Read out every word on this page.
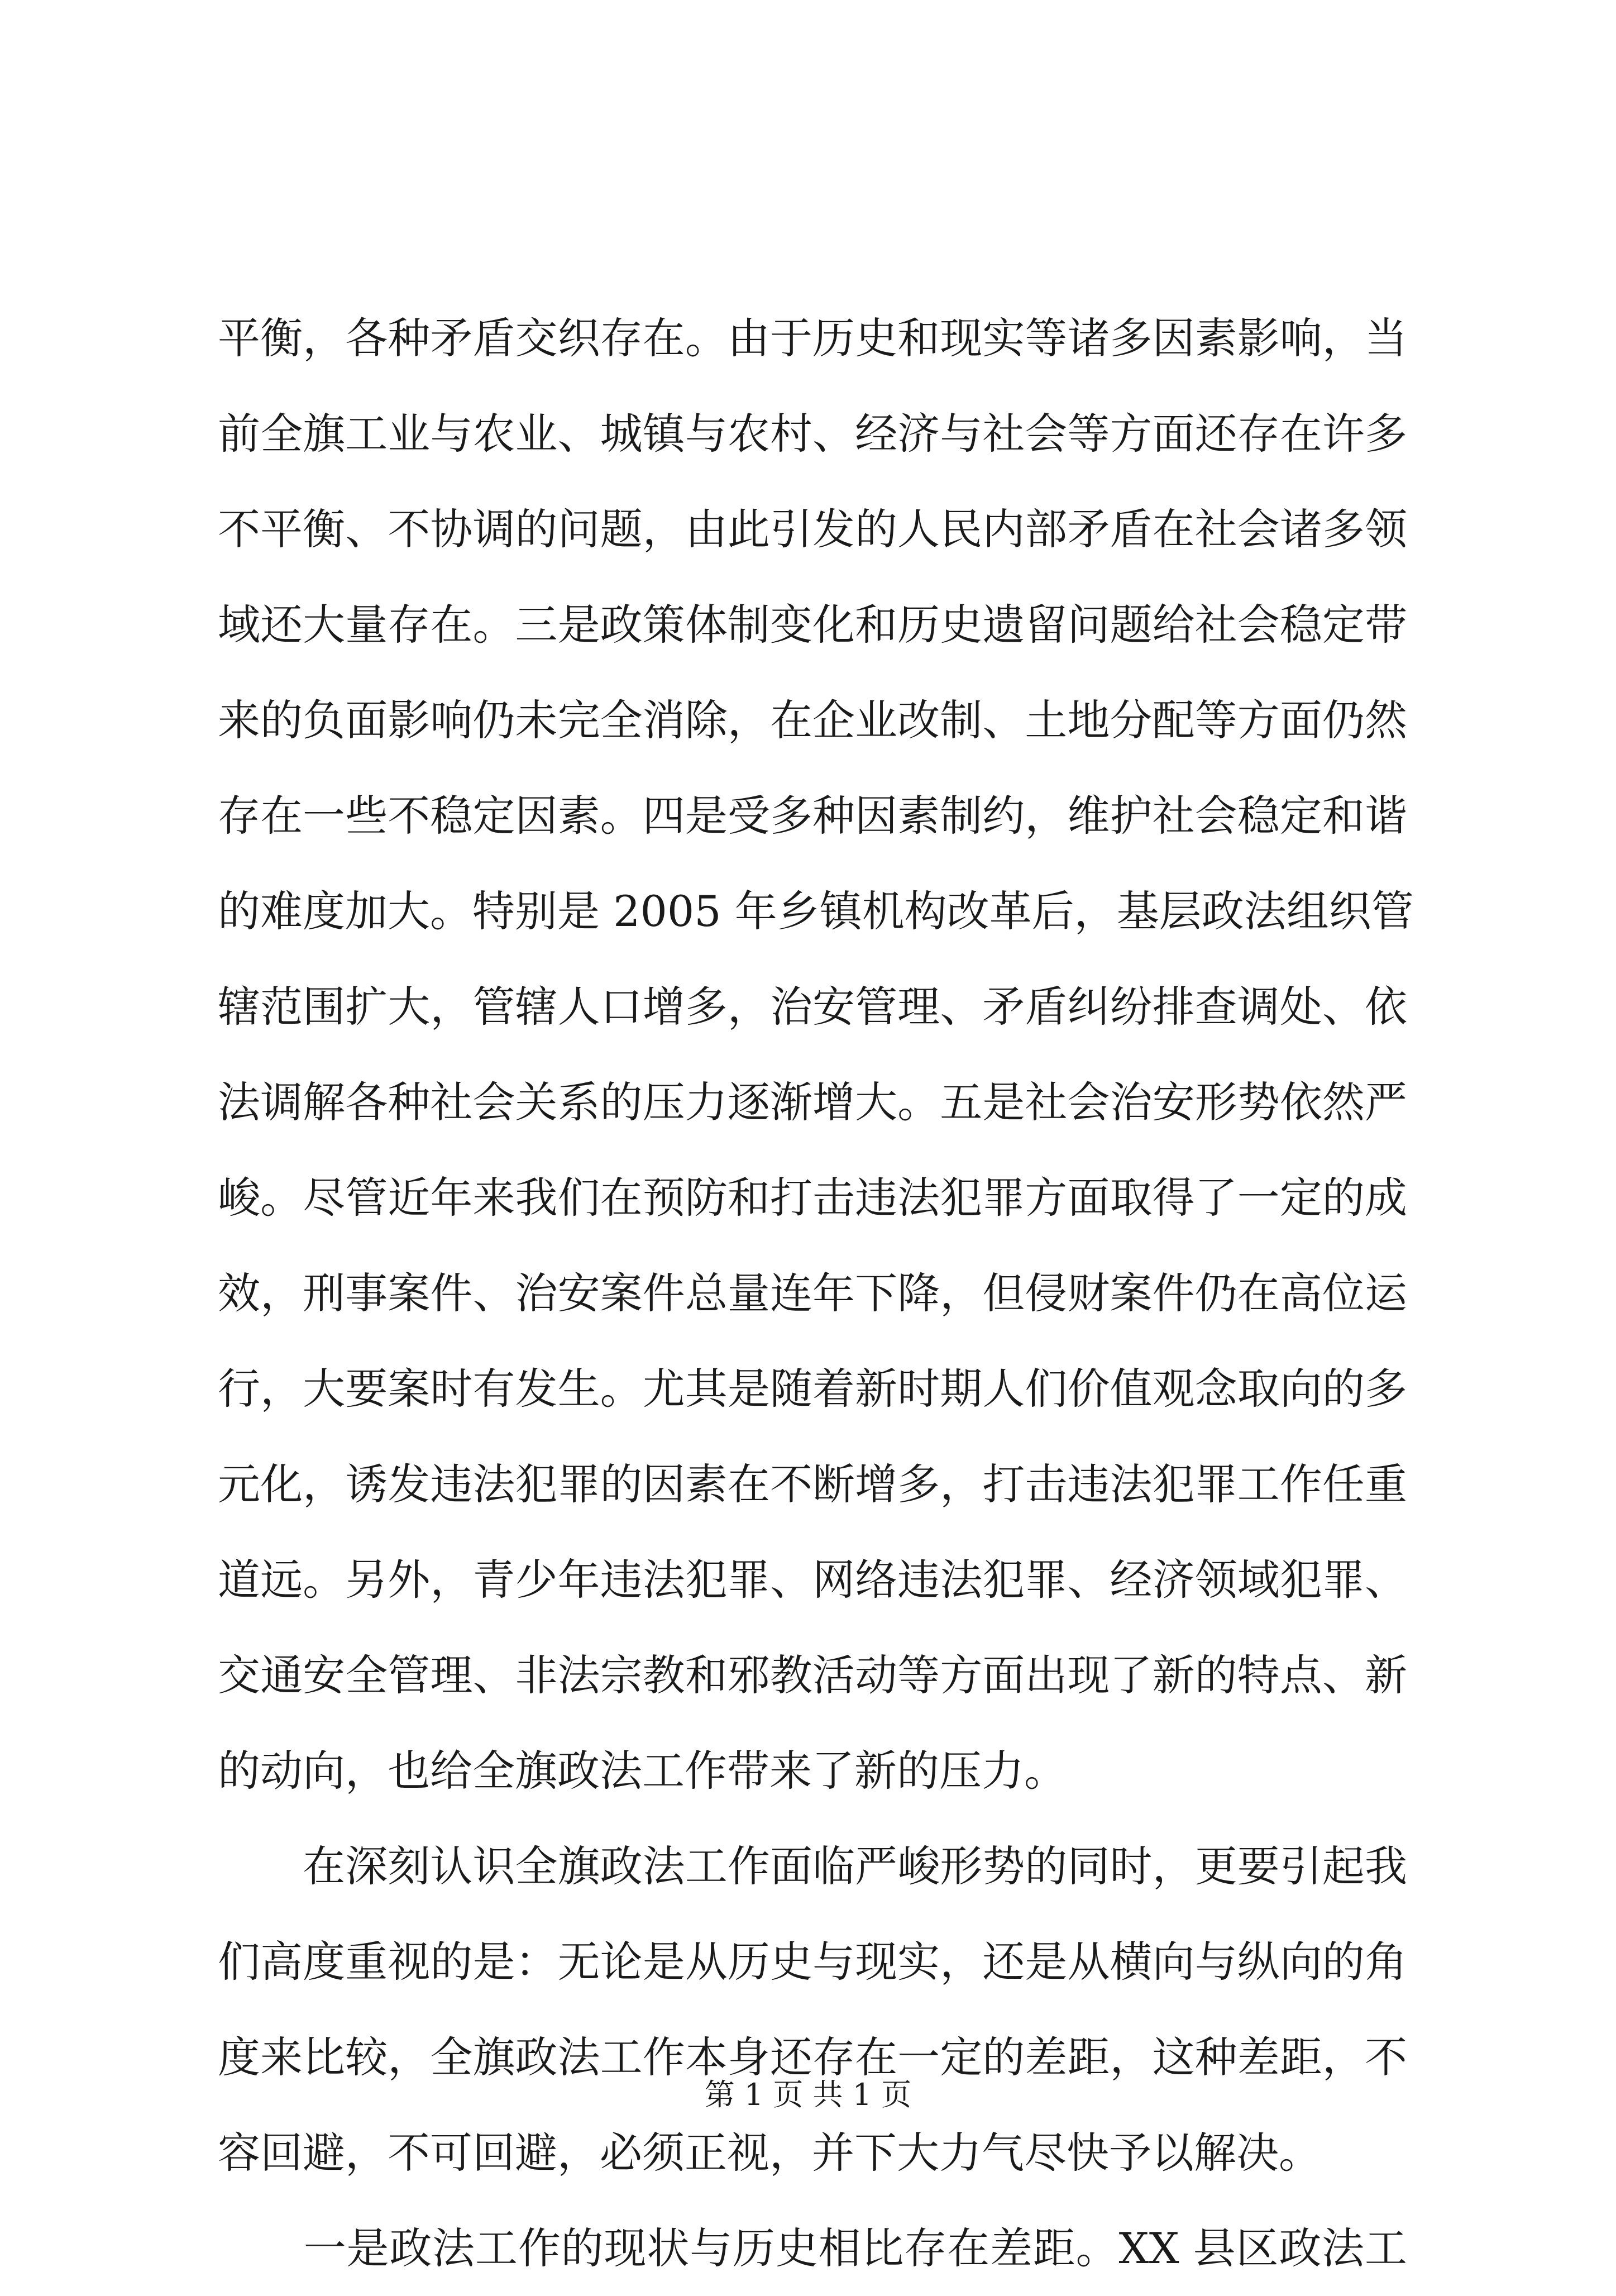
平衡，各种矛盾交织存在。由于历史和现实等诸多因素影响，当
前全旗工业与农业、城镇与农村、经济与社会等方面还存在许多
不平衡、不协调的问题，由此引发的人民内部矛盾在社会诸多领
域还大量存在。三是政策体制变化和历史遗留问题给社会稳定带
来的负面影响仍未完全消除，在企业改制、土地分配等方面仍然
存在一些不稳定因素。四是受多种因素制约，维护社会稳定和谐
的难度加大。特别是 2005 年乡镇机构改革后，基层政法组织管
辖范围扩大，管辖人口增多，治安管理、矛盾纠纷排查调处、依
法调解各种社会关系的压力逐渐增大。五是社会治安形势依然严
峻。尽管近年来我们在预防和打击违法犯罪方面取得了一定的成
效，刑事案件、治安案件总量连年下降，但侵财案件仍在高位运
行，大要案时有发生。尤其是随着新时期人们价值观念取向的多
元化，诱发违法犯罪的因素在不断增多，打击违法犯罪工作任重
道远。另外，青少年违法犯罪、网络违法犯罪、经济领域犯罪、
交通安全管理、非法宗教和邪教活动等方面出现了新的特点、新
的动向，也给全旗政法工作带来了新的压力。
　　在深刻认识全旗政法工作面临严峻形势的同时，更要引起我
们高度重视的是：无论是从历史与现实，还是从横向与纵向的角
度来比较，全旗政法工作本身还存在一定的差距，这种差距，不
容回避，不可回避，必须正视，并下大力气尽快予以解决。
　　一是政法工作的现状与历史相比存在差距。XX 县区政法工
第 1 页 共 1 页
